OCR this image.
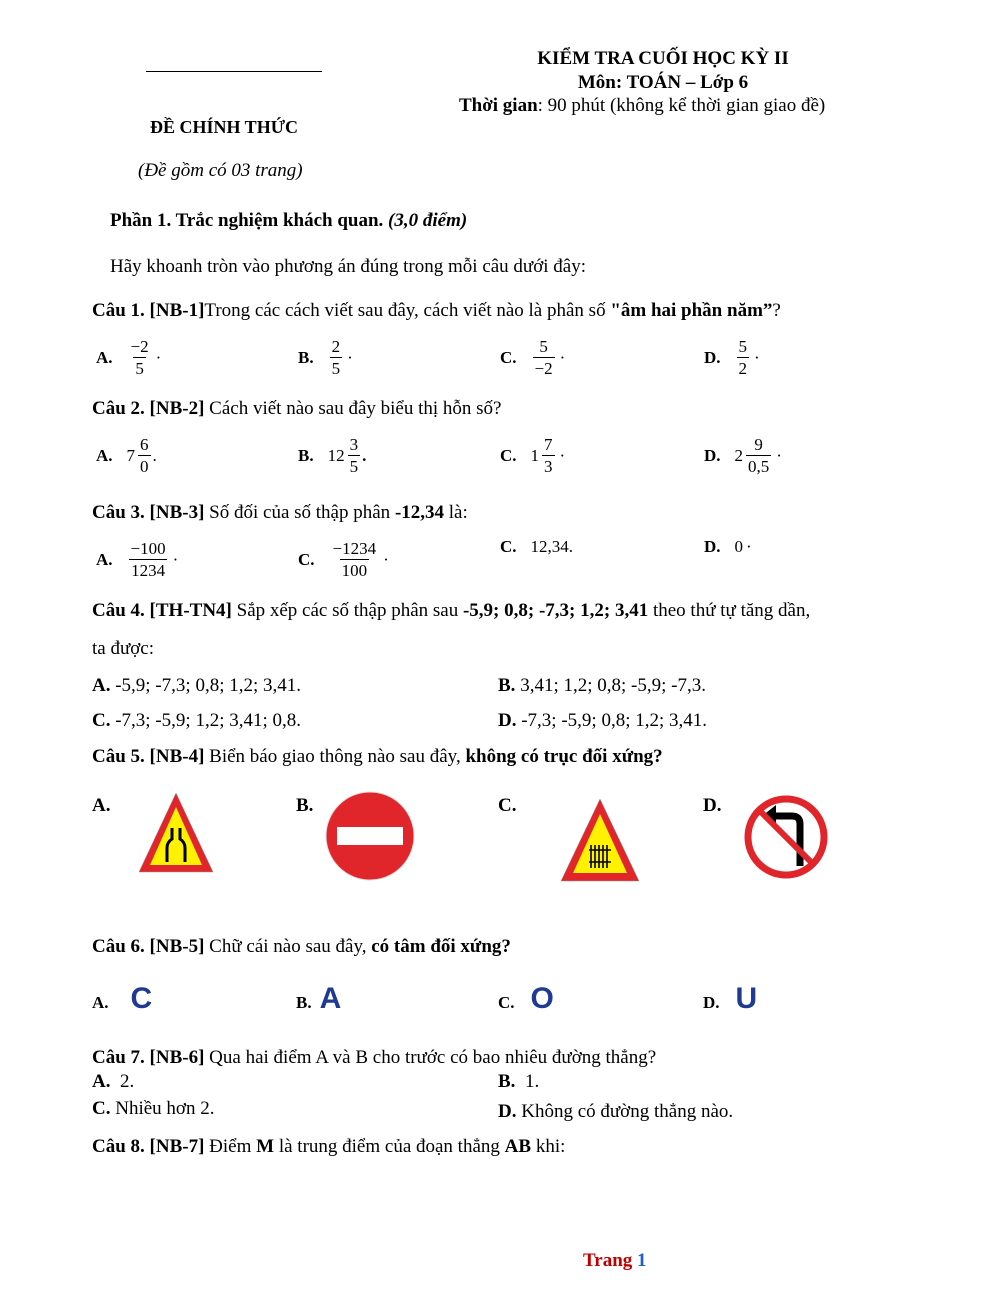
KIỂM TRA CUỐI HỌC KỲ II
Môn: TOÁN – Lớp 6
Thời gian: 90 phút (không kể thời gian giao đề)
ĐỀ CHÍNH THỨC
(Đề gồm có 03 trang)
Phần 1. Trắc nghiệm khách quan. (3,0 điểm)
Hãy khoanh tròn vào phương án đúng trong mỗi câu dưới đây:
Câu 1. [NB-1]Trong các cách viết sau đây, cách viết nào là phân số "âm hai phần năm”?
A. $\frac{-2}{5}$ ·	B. $\frac{2}{5}$ ·	C. $\frac{5}{-2}$ ·	D. $\frac{5}{2}$ ·
Câu 2. [NB-2] Cách viết nào sau đây biểu thị hỗn số?
A. $7 \frac{6}{0}$ .	B. $12 \frac{3}{5}$ .	C. $1 \frac{7}{3}$ ·	D. $2 \frac{9}{0,5}$ ·
Câu 3. [NB-3] Số đối của số thập phân -12,34 là:
A. $\frac{-100}{1234}$ ·	C. $\frac{-1234}{100}$ ·
C. 12,34.	D. 0 ·
Câu 4. [TH-TN4] Sắp xếp các số thập phân sau -5,9; 0,8; -7,3; 1,2; 3,41 theo thứ tự tăng dần,
ta được:
A. -5,9; -7,3; 0,8; 1,2; 3,41.	B. 3,41; 1,2; 0,8; -5,9; -7,3.
C. -7,3; -5,9; 1,2; 3,41; 0,8.	D. -7,3; -5,9; 0,8; 1,2; 3,41.
Câu 5. [NB-4] Biển báo giao thông nào sau đây, không có trục đối xứng?
A.	B.	C.	D.
Câu 6. [NB-5] Chữ cái nào sau đây, có tâm đối xứng?
A. C	B. A	C. O	D. U
Câu 7. [NB-6] Qua hai điểm A và B cho trước có bao nhiêu đường thẳng?
A.  2.	B.  1.
C. Nhiều hơn 2.	D. Không có đường thẳng nào.
Câu 8. [NB-7] Điểm M là trung điểm của đoạn thẳng AB khi:
Trang 1
